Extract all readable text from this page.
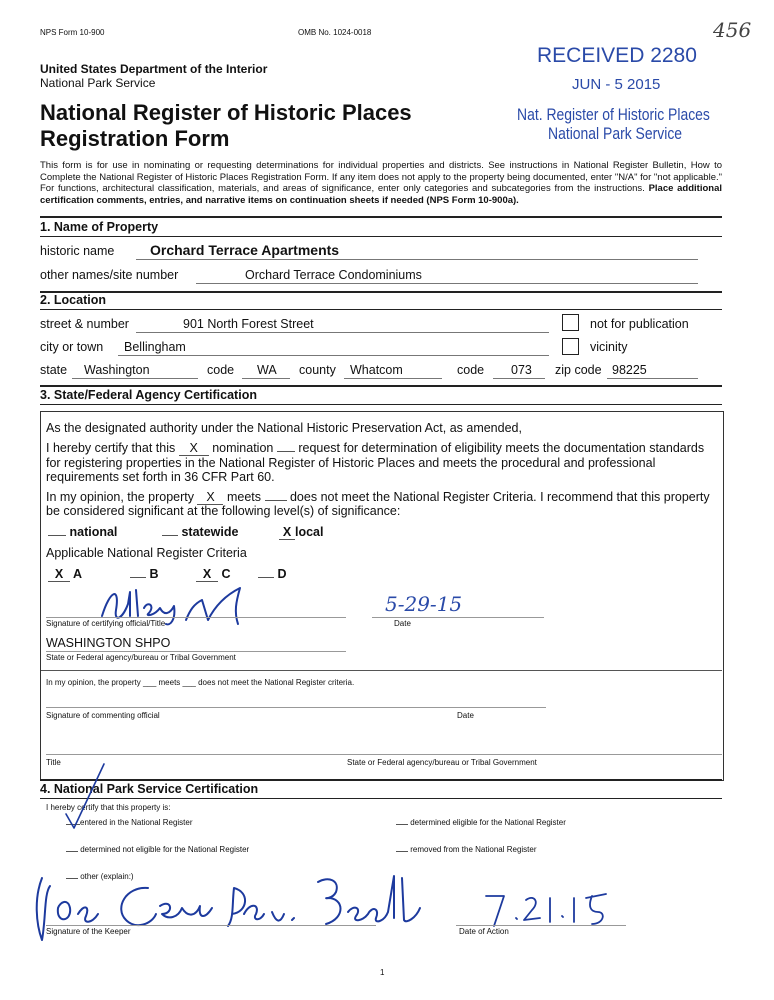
NPS Form 10-900	OMB No. 1024-0018	456
United States Department of the Interior
National Park Service
National Register of Historic Places
Registration Form
RECEIVED 2280
JUN - 5 2015
Nat. Register of Historic Places
National Park Service
This form is for use in nominating or requesting determinations for individual properties and districts. See instructions in National Register Bulletin, How to Complete the National Register of Historic Places Registration Form. If any item does not apply to the property being documented, enter "N/A" for "not applicable." For functions, architectural classification, materials, and areas of significance, enter only categories and subcategories from the instructions. Place additional certification comments, entries, and narrative items on continuation sheets if needed (NPS Form 10-900a).
1. Name of Property
historic name	Orchard Terrace Apartments
other names/site number	Orchard Terrace Condominiums
2. Location
street & number	901 North Forest Street	not for publication
city or town Bellingham	vicinity
state Washington	code WA county Whatcom	code 073 zip code 98225
3. State/Federal Agency Certification
As the designated authority under the National Historic Preservation Act, as amended,
I hereby certify that this X nomination request for determination of eligibility meets the documentation standards
for registering properties in the National Register of Historic Places and meets the procedural and professional
requirements set forth in 36 CFR Part 60.
In my opinion, the property X meets does not meet the National Register Criteria. I recommend that this property
be considered significant at the following level(s) of significance:
national	statewide	X local
Applicable National Register Criteria
X A	B	X C	D
Signature of certifying official/Title
5-29-15
Date
WASHINGTON SHPO
State or Federal agency/bureau or Tribal Government
In my opinion, the property ___ meets ___ does not meet the National Register criteria.
Signature of commenting official	Date
Title	State or Federal agency/bureau or Tribal Government
4. National Park Service Certification
I hereby certify that this property is:
entered in the National Register	determined eligible for the National Register
determined not eligible for the National Register	removed from the National Register
other (explain:)
Signature of the Keeper	Date of Action
1
